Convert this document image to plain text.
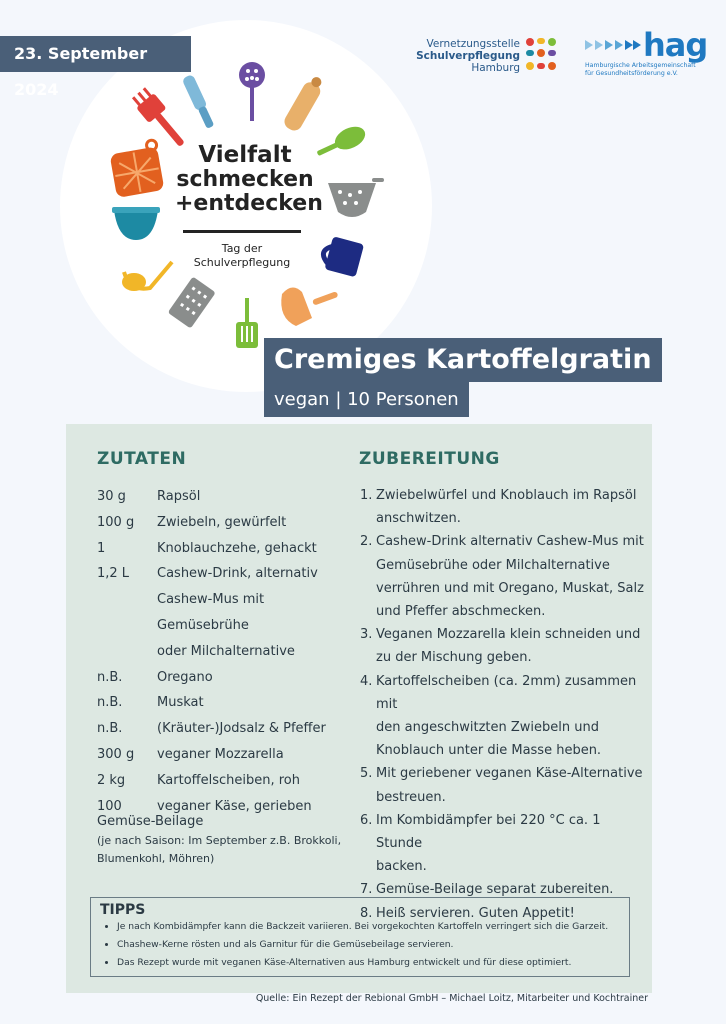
23. September 2024
Vielfalt
schmecken
+entdecken
Tag der
Schulverpflegung
Vernetzungsstelle
Schulverpflegung
Hamburg
hag
Hamburgische Arbeitsgemeinschaft
für Gesundheitsförderung e.V.
Cremiges Kartoffelgratin
vegan | 10 Personen
ZUTATEN	ZUBEREITUNG
30 g	Rapsöl
100 g	Zwiebeln, gewürfelt
1	Knoblauchzehe, gehackt
1,2 L	Cashew-Drink, alternativ
Cashew-Mus mit Gemüsebrühe
oder Milchalternative
n.B.	Oregano
n.B.	Muskat
n.B.	(Kräuter-)Jodsalz & Pfeffer
300 g	veganer Mozzarella
2 kg	Kartoffelscheiben, roh
100	veganer Käse, gerieben
Gemüse-Beilage
(je nach Saison: Im September z.B. Brokkoli,
Blumenkohl, Möhren)
1. Zwiebelwürfel und Knoblauch im Rapsöl
anschwitzen.
2. Cashew-Drink alternativ Cashew-Mus mit
Gemüsebrühe oder Milchalternative
verrühren und mit Oregano, Muskat, Salz
und Pfeffer abschmecken.
3. Veganen Mozzarella klein schneiden und
zu der Mischung geben.
4. Kartoffelscheiben (ca. 2mm) zusammen mit
den angeschwitzten Zwiebeln und
Knoblauch unter die Masse heben.
5. Mit geriebener veganen Käse-Alternative
bestreuen.
6. Im Kombidämpfer bei 220 °C ca. 1 Stunde
backen.
7. Gemüse-Beilage separat zubereiten.
8. Heiß servieren. Guten Appetit!
TIPPS
• Je nach Kombidämpfer kann die Backzeit variieren. Bei vorgekochten Kartoffeln verringert sich die Garzeit.
• Chashew-Kerne rösten und als Garnitur für die Gemüsebeilage servieren.
• Das Rezept wurde mit veganen Käse-Alternativen aus Hamburg entwickelt und für diese optimiert.
Quelle: Ein Rezept der Rebional GmbH – Michael Loitz, Mitarbeiter und Kochtrainer
